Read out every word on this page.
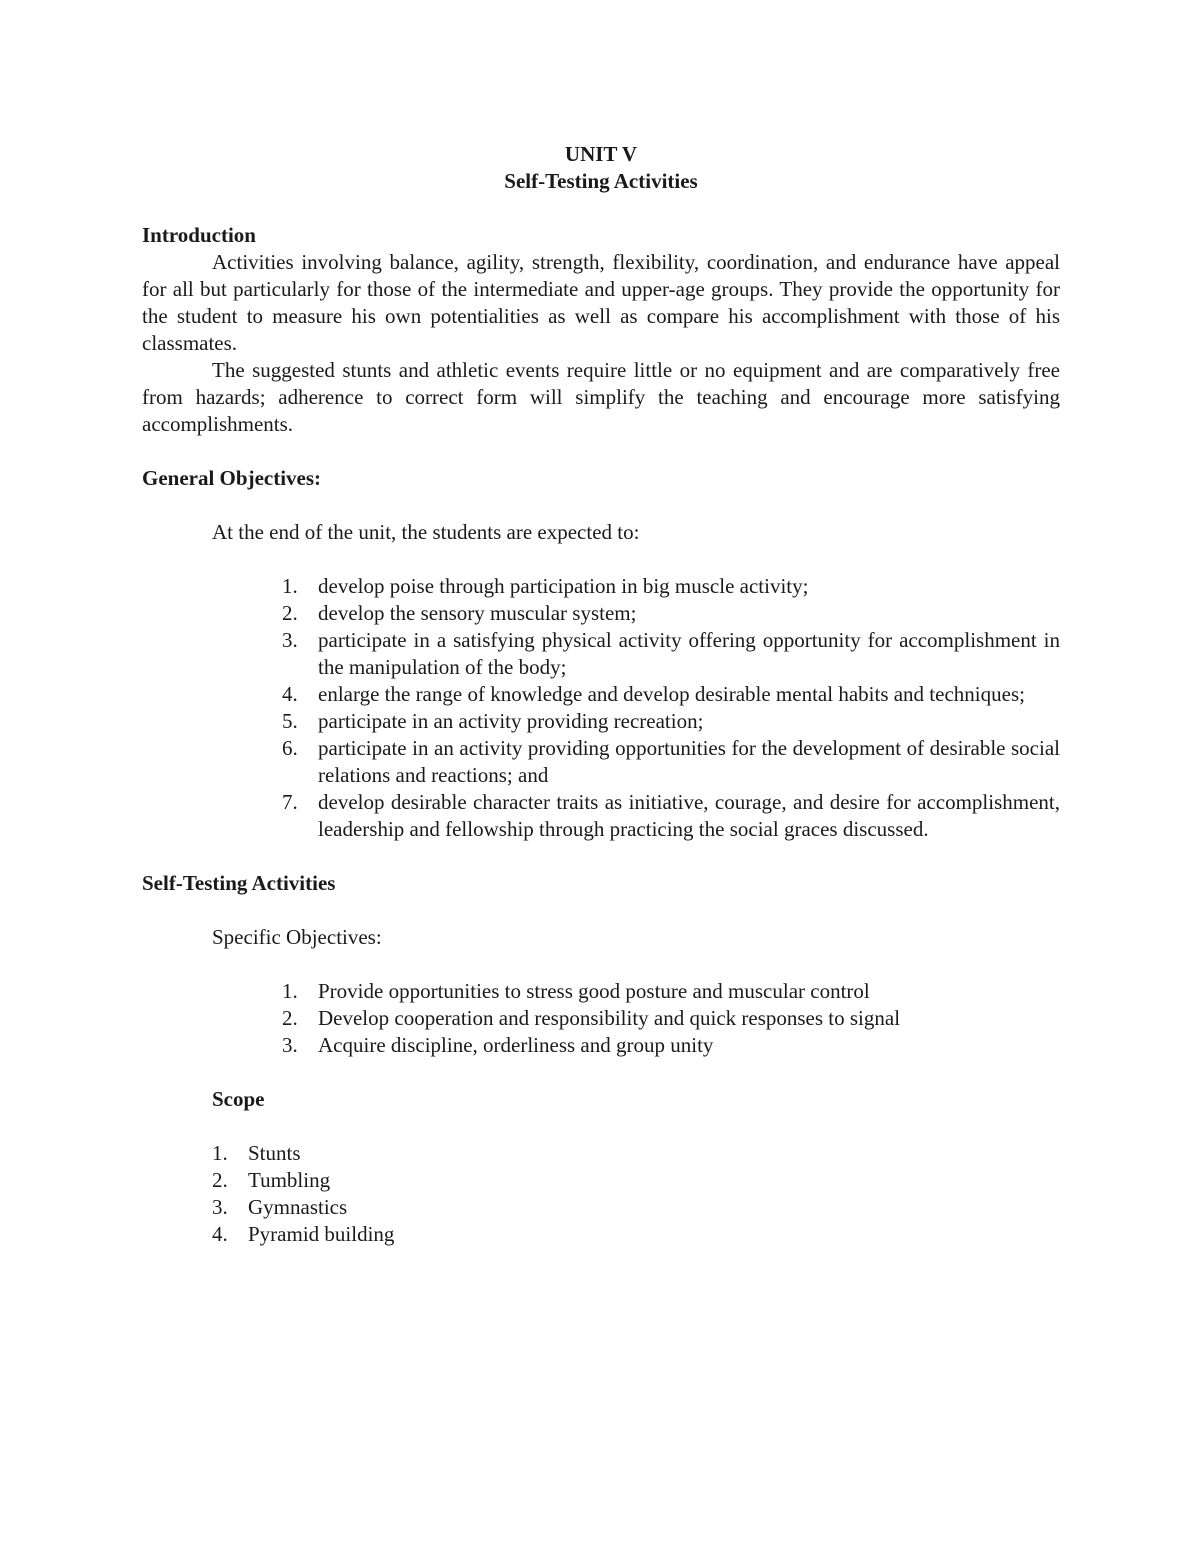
UNIT V

Self-Testing Activities

Introduction

Activities involving balance, agility, strength, flexibility, coordination, and endurance have appeal for all but particularly for those of the intermediate and upper-age groups. They provide the opportunity for the student to measure his own potentialities as well as compare his accomplishment with those of his classmates.

The suggested stunts and athletic events require little or no equipment and are comparatively free from hazards; adherence to correct form will simplify the teaching and encourage more satisfying accomplishments.

General Objectives:

At the end of the unit, the students are expected to:

1. develop poise through participation in big muscle activity;
2. develop the sensory muscular system;
3. participate in a satisfying physical activity offering opportunity for accomplishment in the manipulation of the body;
4. enlarge the range of knowledge and develop desirable mental habits and techniques;
5. participate in an activity providing recreation;
6. participate in an activity providing opportunities for the development of desirable social relations and reactions; and
7. develop desirable character traits as initiative, courage, and desire for accomplishment, leadership and fellowship through practicing the social graces discussed.

Self-Testing Activities

Specific Objectives:

1. Provide opportunities to stress good posture and muscular control
2. Develop cooperation and responsibility and quick responses to signal
3. Acquire discipline, orderliness and group unity

Scope

1. Stunts
2. Tumbling
3. Gymnastics
4. Pyramid building
